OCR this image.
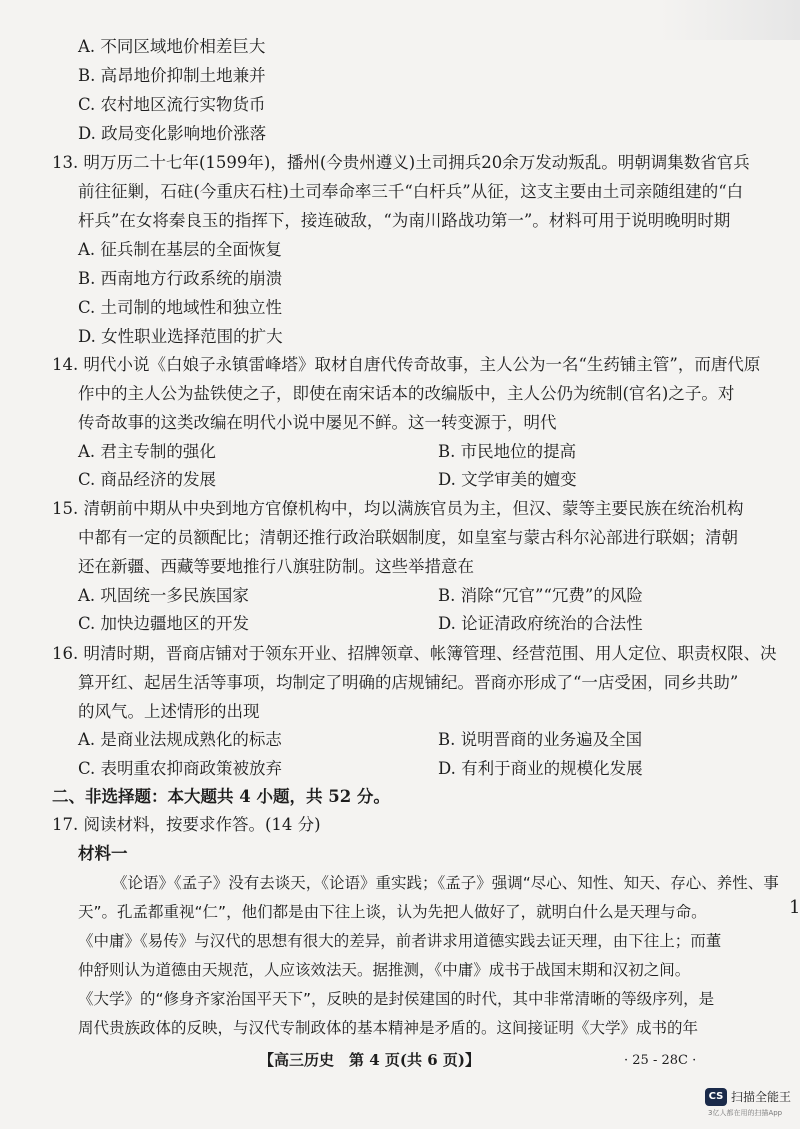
A. 不同区域地价相差巨大
B. 高昂地价抑制土地兼并
C. 农村地区流行实物货币
D. 政局变化影响地价涨落
13. 明万历二十七年(1599年)，播州(今贵州遵义)土司拥兵20余万发动叛乱。明朝调集数省官兵
前往征剿，石砫(今重庆石柱)土司奉命率三千“白杆兵”从征，这支主要由土司亲随组建的“白
杆兵”在女将秦良玉的指挥下，接连破敌，“为南川路战功第一”。材料可用于说明晚明时期
A. 征兵制在基层的全面恢复
B. 西南地方行政系统的崩溃
C. 土司制的地域性和独立性
D. 女性职业选择范围的扩大
14. 明代小说《白娘子永镇雷峰塔》取材自唐代传奇故事，主人公为一名“生药铺主管”，而唐代原
作中的主人公为盐铁使之子，即使在南宋话本的改编版中，主人公仍为统制(官名)之子。对
传奇故事的这类改编在明代小说中屡见不鲜。这一转变源于，明代
A. 君主专制的强化	B. 市民地位的提高
C. 商品经济的发展	D. 文学审美的嬗变
15. 清朝前中期从中央到地方官僚机构中，均以满族官员为主，但汉、蒙等主要民族在统治机构
中都有一定的员额配比；清朝还推行政治联姻制度，如皇室与蒙古科尔沁部进行联姻；清朝
还在新疆、西藏等要地推行八旗驻防制。这些举措意在
A. 巩固统一多民族国家	B. 消除“冗官”“冗费”的风险
C. 加快边疆地区的开发	D. 论证清政府统治的合法性
16. 明清时期，晋商店铺对于领东开业、招牌领章、帐簿管理、经营范围、用人定位、职责权限、决
算开红、起居生活等事项，均制定了明确的店规铺纪。晋商亦形成了“一店受困，同乡共助”
的风气。上述情形的出现
A. 是商业法规成熟化的标志	B. 说明晋商的业务遍及全国
C. 表明重农抑商政策被放弃	D. 有利于商业的规模化发展
二、非选择题：本大题共 4 小题，共 52 分。
17. 阅读材料，按要求作答。(14 分)
材料一
《论语》《孟子》没有去谈天，《论语》重实践；《孟子》强调“尽心、知性、知天、存心、养性、事
天”。孔孟都重视“仁”，他们都是由下往上谈，认为先把人做好了，就明白什么是天理与命。
《中庸》《易传》与汉代的思想有很大的差异，前者讲求用道德实践去证天理，由下往上；而董
仲舒则认为道德由天规范，人应该效法天。据推测，《中庸》成书于战国末期和汉初之间。
《大学》的“修身齐家治国平天下”，反映的是封侯建国的时代，其中非常清晰的等级序列，是
周代贵族政体的反映，与汉代专制政体的基本精神是矛盾的。这间接证明《大学》成书的年
1
【高三历史　第 4 页(共 6 页)】	· 25 - 28C ·
CS 扫描全能王
3亿人都在用的扫描App
